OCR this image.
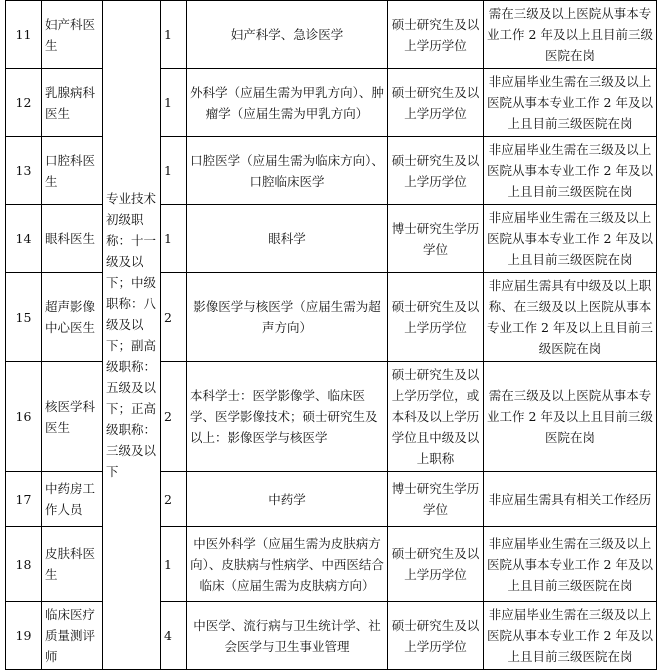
11	妇产科医生	专业技术初级职称：十一级及以下；中级职称：八级及以下；副高级职称：五级及以下；正高级职称：三级及以下	1	妇产科学、急诊医学	硕士研究生及以上学历学位	需在三级及以上医院从事本专业工作 2 年及以上且目前三级医院在岗
12	乳腺病科医生		1	外科学（应届生需为甲乳方向）、肿瘤学（应届生需为甲乳方向）	硕士研究生及以上学历学位	非应届毕业生需在三级及以上医院从事本专业工作 2 年及以上且目前三级医院在岗
13	口腔科医生		1	口腔医学（应届生需为临床方向）、口腔临床医学	硕士研究生及以上学历学位	非应届毕业生需在三级及以上医院从事本专业工作 2 年及以上且目前三级医院在岗
14	眼科医生		1	眼科学	博士研究生学历学位	非应届毕业生需在三级及以上医院从事本专业工作 2 年及以上且目前三级医院在岗
15	超声影像中心医生		2	影像医学与核医学（应届生需为超声方向）	硕士研究生及以上学历学位	非应届生需具有中级及以上职称、在三级及以上医院从事本专业工作 2 年及以上且目前三级医院在岗
16	核医学科医生		2	本科学士：医学影像学、临床医学、医学影像技术；硕士研究生及以上：影像医学与核医学	硕士研究生及以上学历学位，或本科及以上学历学位且中级及以上职称	需在三级及以上医院从事本专业工作 2 年及以上且目前三级医院在岗
17	中药房工作人员		2	中药学	博士研究生学历学位	非应届生需具有相关工作经历
18	皮肤科医生		1	中医外科学（应届生需为皮肤病方向）、皮肤病与性病学、中西医结合临床（应届生需为皮肤病方向）	硕士研究生及以上学历学位	非应届毕业生需在三级及以上医院从事本专业工作 2 年及以上且目前三级医院在岗
19	临床医疗质量测评师		4	中医学、流行病与卫生统计学、社会医学与卫生事业管理	硕士研究生及以上学历学位	非应届毕业生需在三级及以上医院从事本专业工作 2 年及以上且目前三级医院在岗
